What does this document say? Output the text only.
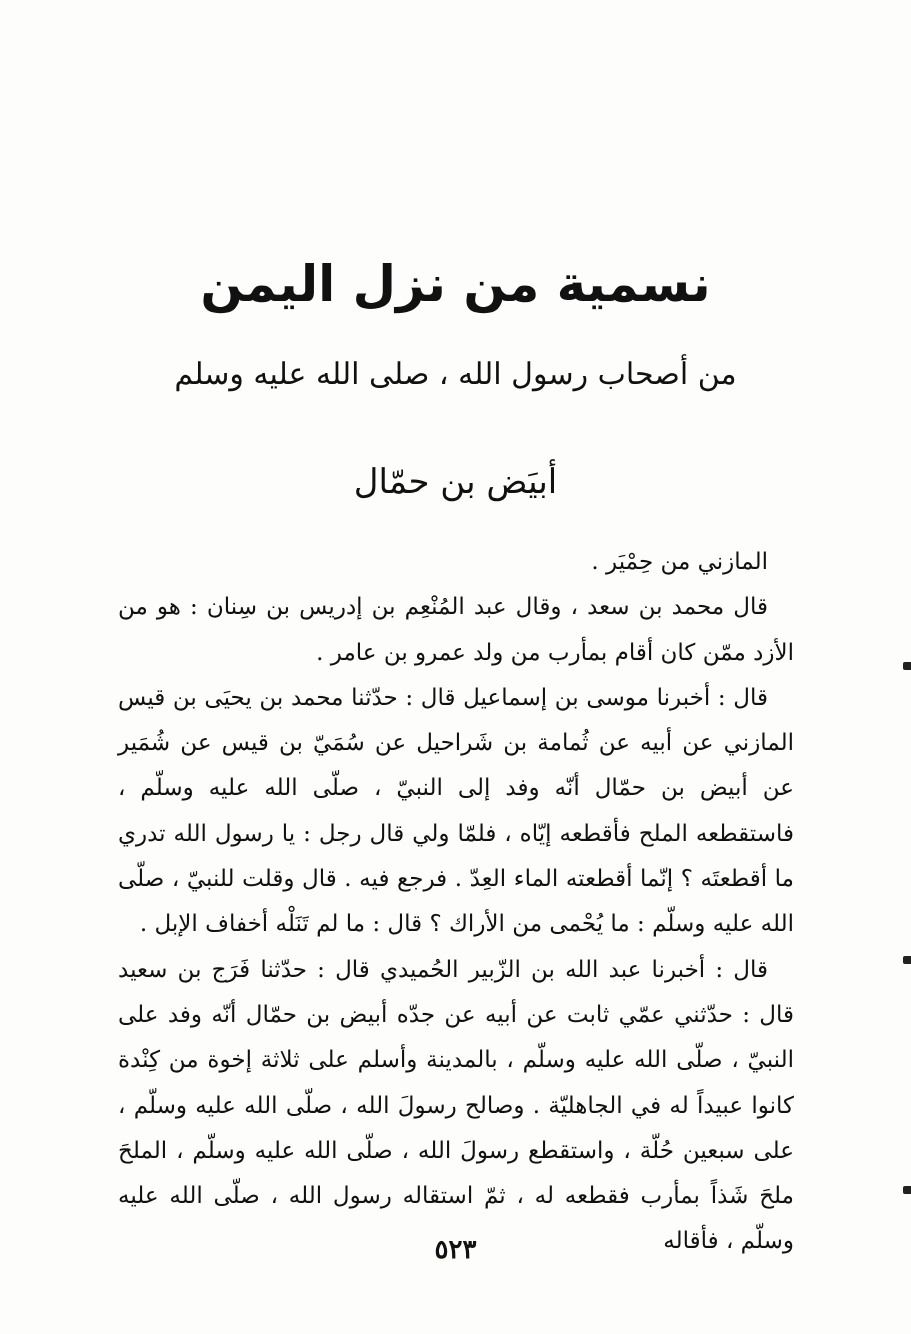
نسمية من نزل اليمن
من أصحاب رسول الله ، صلى الله عليه وسلم
أبيَض بن حمّال

المازني من حِمْيَر .

قال محمد بن سعد ، وقال عبد المُنْعِم بن إدريس بن سِنان : هو من الأزد ممّن كان أقام بمأرب من ولد عمرو بن عامر .

قال : أخبرنا موسى بن إسماعيل قال : حدّثنا محمد بن يحيَى بن قيس المازني عن أبيه عن ثُمامة بن شَراحيل عن سُمَيّ بن قيس عن شُمَير عن أبيض بن حمّال أنّه وفد إلى النبيّ ، صلّى الله عليه وسلّم ، فاستقطعه الملح فأقطعه إيّاه ، فلمّا ولي قال رجل : يا رسول الله تدري ما أقطعتَه ؟ إنّما أقطعته الماء العِدّ . فرجع فيه . قال وقلت للنبيّ ، صلّى الله عليه وسلّم : ما يُحْمى من الأراك ؟ قال : ما لم تَنَلْه أخفاف الإبل .

قال : أخبرنا عبد الله بن الزّبير الحُميدي قال : حدّثنا فَرَج بن سعيد قال : حدّثني عمّي ثابت عن أبيه عن جدّه أبيض بن حمّال أنّه وفد على النبيّ ، صلّى الله عليه وسلّم ، بالمدينة وأسلم على ثلاثة إخوة من كِنْدة كانوا عبيداً له في الجاهليّة . وصالح رسولَ الله ، صلّى الله عليه وسلّم ، على سبعين حُلّة ، واستقطع رسولَ الله ، صلّى الله عليه وسلّم ، الملحَ ملحَ شَذاً بمأرب فقطعه له ، ثمّ استقاله رسول الله ، صلّى الله عليه وسلّم ، فأقاله

٥٢٣
